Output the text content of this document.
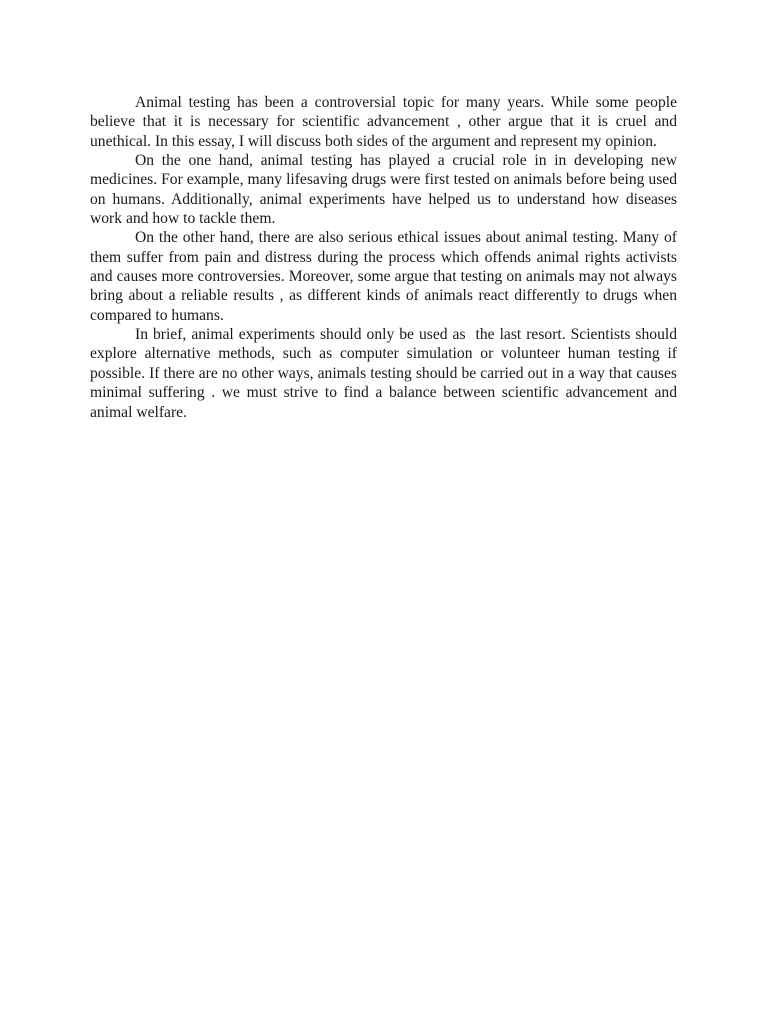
Animal testing has been a controversial topic for many years. While some people believe that it is necessary for scientific advancement , other argue that it is cruel and unethical. In this essay, I will discuss both sides of the argument and represent my opinion.

On the one hand, animal testing has played a crucial role in in developing new medicines. For example, many lifesaving drugs were first tested on animals before being used on humans. Additionally, animal experiments have helped us to understand how diseases work and how to tackle them.

On the other hand, there are also serious ethical issues about animal testing. Many of them suffer from pain and distress during the process which offends animal rights activists and causes more controversies. Moreover, some argue that testing on animals may not always bring about a reliable results , as different kinds of animals react differently to drugs when compared to humans.

In brief, animal experiments should only be used as  the last resort. Scientists should explore alternative methods, such as computer simulation or volunteer human testing if possible. If there are no other ways, animals testing should be carried out in a way that causes minimal suffering . we must strive to find a balance between scientific advancement and animal welfare.
